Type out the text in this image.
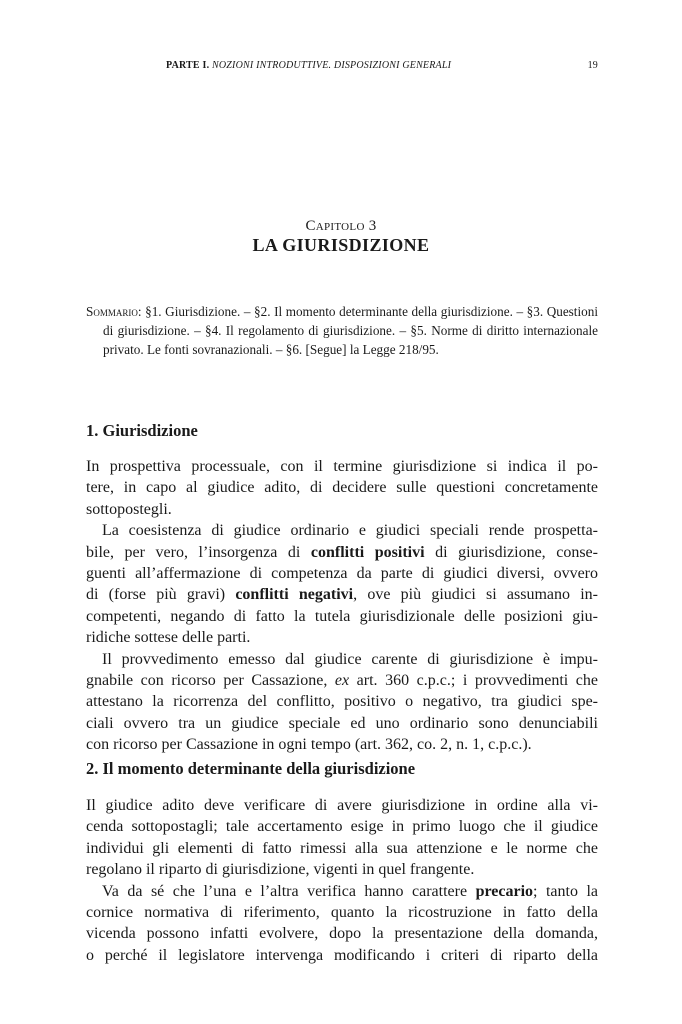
PARTE I. NOZIONI INTRODUTTIVE. DISPOSIZIONI GENERALI	19
Capitolo 3
LA GIURISDIZIONE
Sommario: §1. Giurisdizione. – §2. Il momento determinante della giurisdizione. – §3. Questioni di giurisdizione. – §4. Il regolamento di giurisdizione. – §5. Norme di diritto internazionale privato. Le fonti sovranazionali. – §6. [Segue] la Legge 218/95.
1. Giurisdizione
In prospettiva processuale, con il termine giurisdizione si indica il po-
tere, in capo al giudice adito, di decidere sulle questioni concretamente
sottopostegli.
La coesistenza di giudice ordinario e giudici speciali rende prospetta-
bile, per vero, l’insorgenza di conflitti positivi di giurisdizione, conse-
guenti all’affermazione di competenza da parte di giudici diversi, ovvero
di (forse più gravi) conflitti negativi, ove più giudici si assumano in-
competenti, negando di fatto la tutela giurisdizionale delle posizioni giu-
ridiche sottese delle parti.
Il provvedimento emesso dal giudice carente di giurisdizione è impu-
gnabile con ricorso per Cassazione, ex art. 360 c.p.c.; i provvedimenti che
attestano la ricorrenza del conflitto, positivo o negativo, tra giudici spe-
ciali ovvero tra un giudice speciale ed uno ordinario sono denunciabili
con ricorso per Cassazione in ogni tempo (art. 362, co. 2, n. 1, c.p.c.).
2. Il momento determinante della giurisdizione
Il giudice adito deve verificare di avere giurisdizione in ordine alla vi-
cenda sottopostagli; tale accertamento esige in primo luogo che il giudice
individui gli elementi di fatto rimessi alla sua attenzione e le norme che
regolano il riparto di giurisdizione, vigenti in quel frangente.
Va da sé che l’una e l’altra verifica hanno carattere precario; tanto la
cornice normativa di riferimento, quanto la ricostruzione in fatto della
vicenda possono infatti evolvere, dopo la presentazione della domanda,
o perché il legislatore intervenga modificando i criteri di riparto della
